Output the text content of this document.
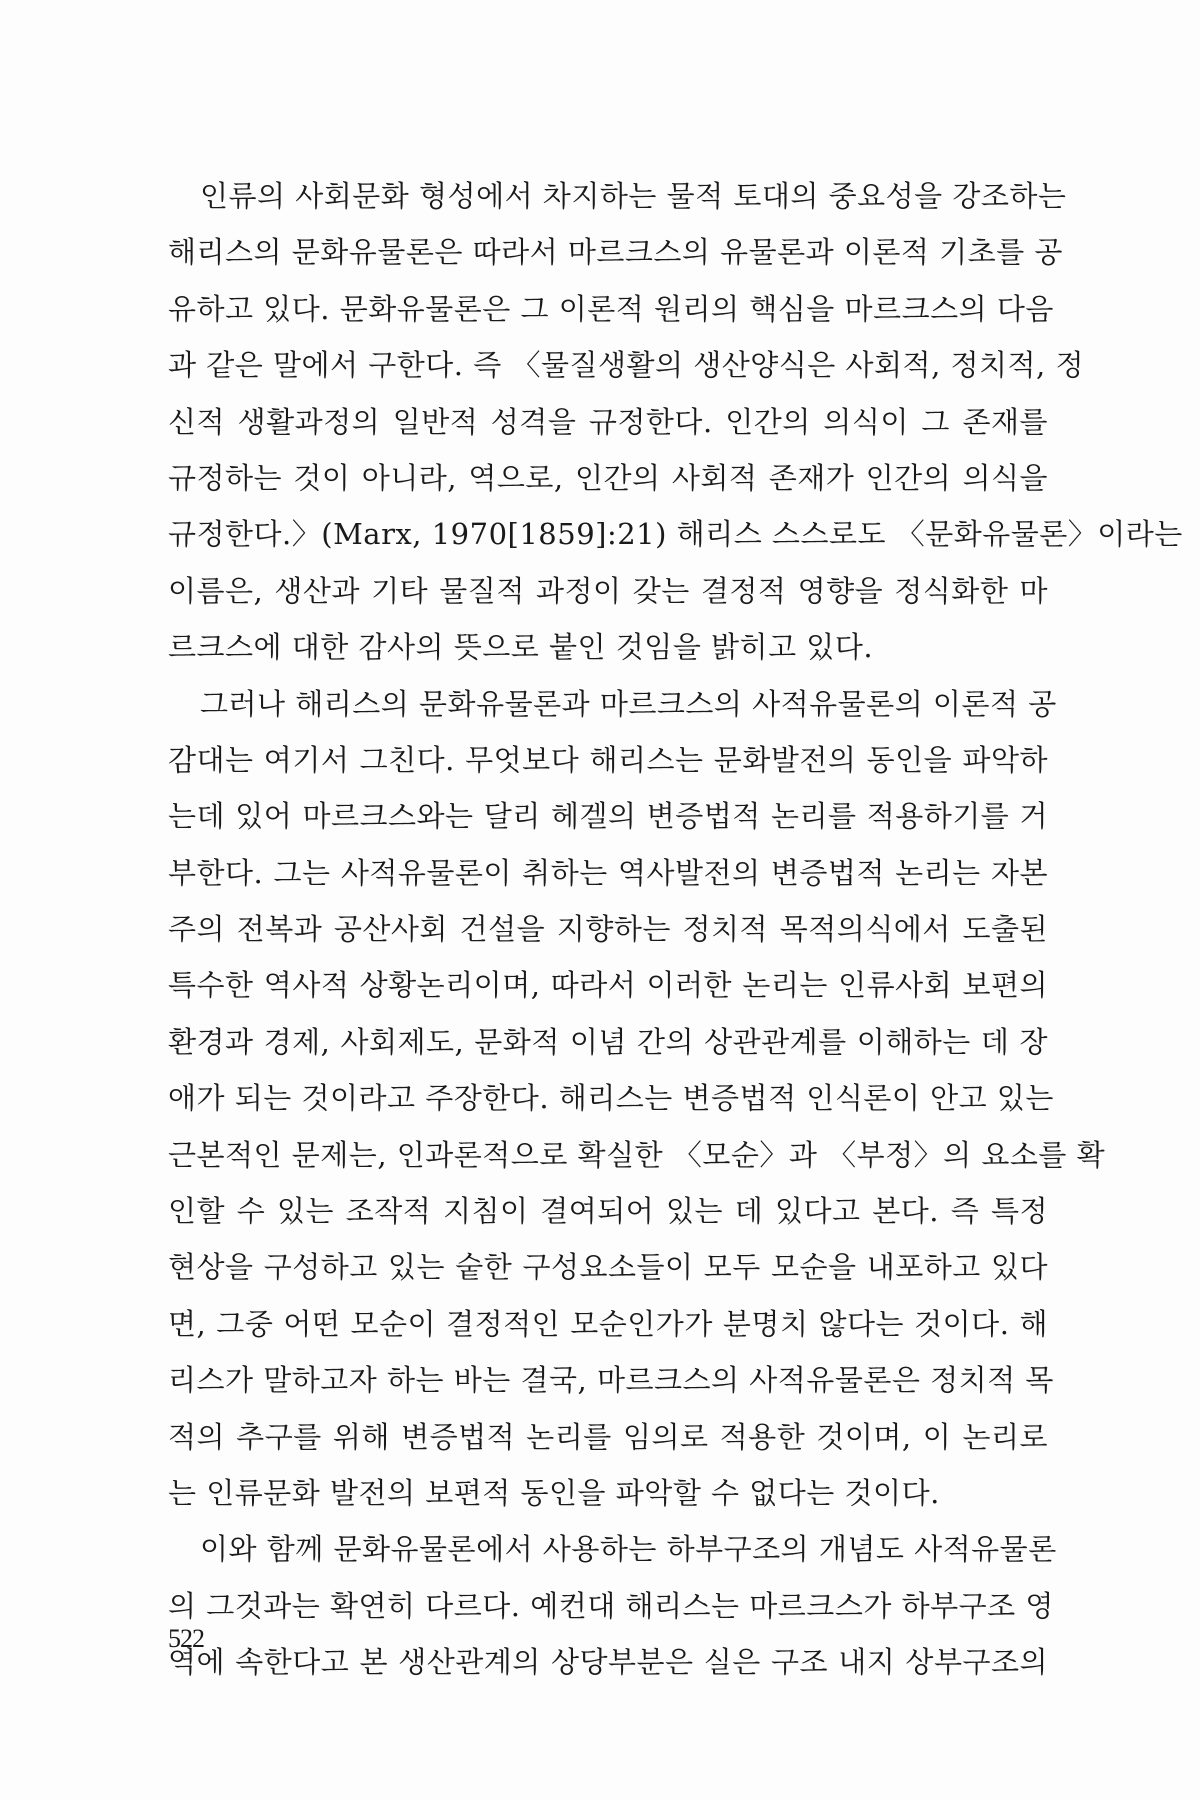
인류의 사회문화 형성에서 차지하는 물적 토대의 중요성을 강조하는
해리스의 문화유물론은 따라서 마르크스의 유물론과 이론적 기초를 공
유하고 있다. 문화유물론은 그 이론적 원리의 핵심을 마르크스의 다음
과 같은 말에서 구한다. 즉 〈물질생활의 생산양식은 사회적, 정치적, 정
신적 생활과정의 일반적 성격을 규정한다. 인간의 의식이 그 존재를
규정하는 것이 아니라, 역으로, 인간의 사회적 존재가 인간의 의식을
규정한다.〉(Marx, 1970[1859]:21) 해리스 스스로도 〈문화유물론〉이라는
이름은, 생산과 기타 물질적 과정이 갖는 결정적 영향을 정식화한 마
르크스에 대한 감사의 뜻으로 붙인 것임을 밝히고 있다.
그러나 해리스의 문화유물론과 마르크스의 사적유물론의 이론적 공
감대는 여기서 그친다. 무엇보다 해리스는 문화발전의 동인을 파악하
는데 있어 마르크스와는 달리 헤겔의 변증법적 논리를 적용하기를 거
부한다. 그는 사적유물론이 취하는 역사발전의 변증법적 논리는 자본
주의 전복과 공산사회 건설을 지향하는 정치적 목적의식에서 도출된
특수한 역사적 상황논리이며, 따라서 이러한 논리는 인류사회 보편의
환경과 경제, 사회제도, 문화적 이념 간의 상관관계를 이해하는 데 장
애가 되는 것이라고 주장한다. 해리스는 변증법적 인식론이 안고 있는
근본적인 문제는, 인과론적으로 확실한 〈모순〉과 〈부정〉의 요소를 확
인할 수 있는 조작적 지침이 결여되어 있는 데 있다고 본다. 즉 특정
현상을 구성하고 있는 숱한 구성요소들이 모두 모순을 내포하고 있다
면, 그중 어떤 모순이 결정적인 모순인가가 분명치 않다는 것이다. 해
리스가 말하고자 하는 바는 결국, 마르크스의 사적유물론은 정치적 목
적의 추구를 위해 변증법적 논리를 임의로 적용한 것이며, 이 논리로
는 인류문화 발전의 보편적 동인을 파악할 수 없다는 것이다.
이와 함께 문화유물론에서 사용하는 하부구조의 개념도 사적유물론
의 그것과는 확연히 다르다. 예컨대 해리스는 마르크스가 하부구조 영
역에 속한다고 본 생산관계의 상당부분은 실은 구조 내지 상부구조의
522
